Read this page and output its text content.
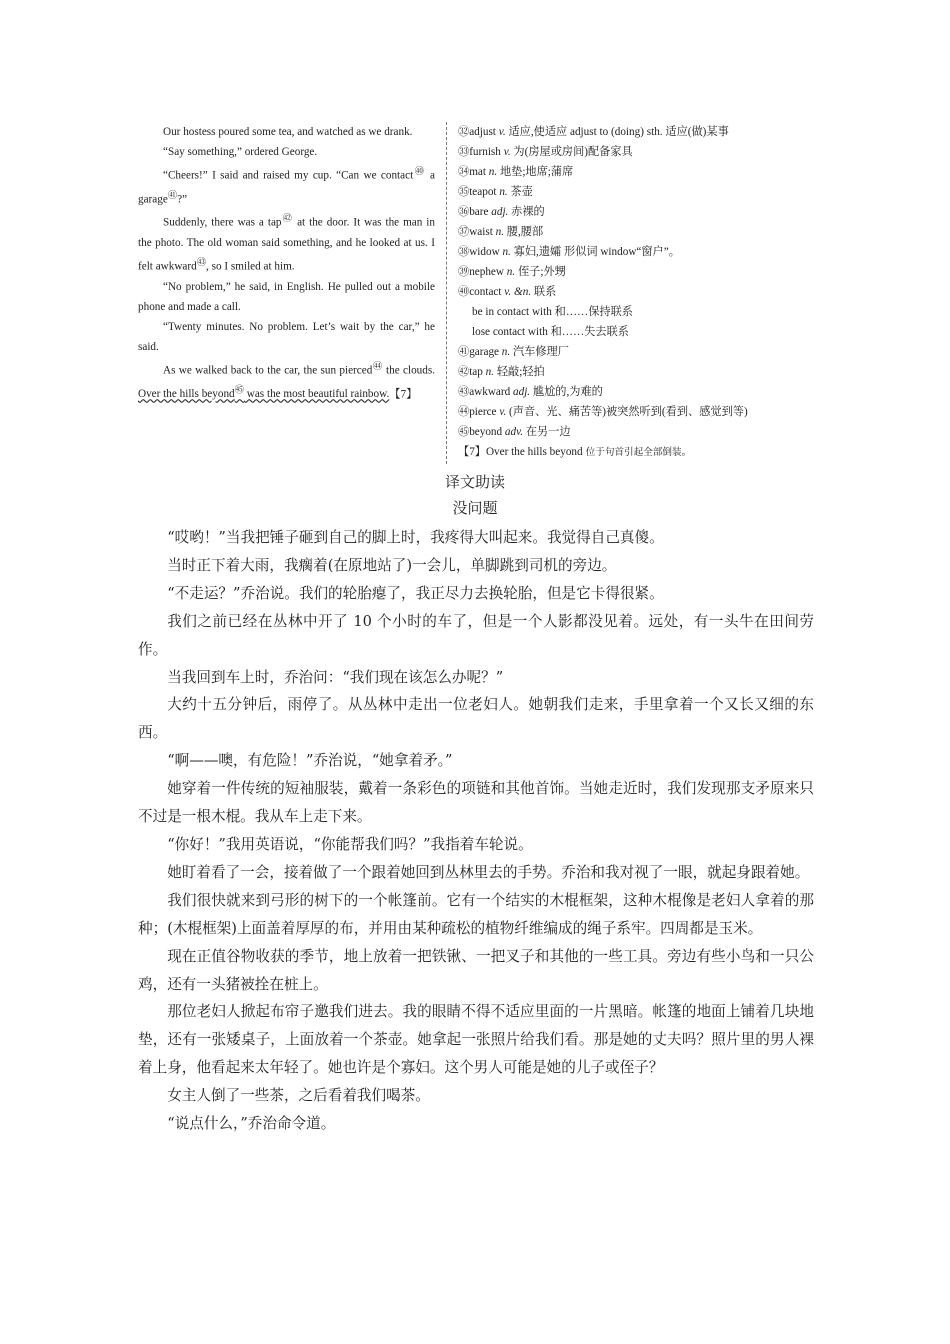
Our hostess poured some tea, and watched as we drank.

“Say something,” ordered George.

“Cheers!” I said and raised my cup. “Can we contact$^㊵$ a garage$^㊶$?”

Suddenly, there was a tap$^㊷$ at the door. It was the man in the photo. The old woman said something, and he looked at us. I felt awkward$^㊸$, so I smiled at him.

“No problem,” he said, in English. He pulled out a mobile phone and made a call.

“Twenty minutes. No problem. Let’s wait by the car,” he said.

As we walked back to the car, the sun pierced$^㊹$ the clouds. Over the hills beyond$^㊺$ was the most beautiful rainbow.【7】

㉜adjust v. 适应,使适应 adjust to (doing) sth. 适应(做)某事

㉝furnish v. 为(房屋或房间)配备家具

㉞mat n. 地垫;地席;蒲席

㉟teapot n. 茶壶

㊱bare adj. 赤裸的

㊲waist n. 腰,腰部

㊳widow n. 寡妇,遗孀 形似词 window“窗户”。

㊴nephew n. 侄子;外甥

㊵contact v. &n. 联系

be in contact with 和……保持联系

lose contact with 和……失去联系

㊶garage n. 汽车修理厂

㊷tap n. 轻敲;轻拍

㊸awkward adj. 尴尬的,为难的

㊹pierce v. (声音、光、痛苦等)被突然听到(看到、感觉到等)

㊺beyond adv. 在另一边

【7】Over the hills beyond 位于句首引起全部倒装。

译文助读

没问题

“哎哟！”当我把锤子砸到自己的脚上时，我疼得大叫起来。我觉得自己真傻。

当时正下着大雨，我瘸着(在原地站了)一会儿，单脚跳到司机的旁边。

“不走运？”乔治说。我们的轮胎瘪了，我正尽力去换轮胎，但是它卡得很紧。

我们之前已经在丛林中开了 10 个小时的车了，但是一个人影都没见着。远处，有一头牛在田间劳作。

当我回到车上时，乔治问：“我们现在该怎么办呢？”

大约十五分钟后，雨停了。从丛林中走出一位老妇人。她朝我们走来，手里拿着一个又长又细的东西。

“啊——噢，有危险！”乔治说，“她拿着矛。”

她穿着一件传统的短袖服装，戴着一条彩色的项链和其他首饰。当她走近时，我们发现那支矛原来只不过是一根木棍。我从车上走下来。

“你好！”我用英语说，“你能帮我们吗？”我指着车轮说。

她盯着看了一会，接着做了一个跟着她回到丛林里去的手势。乔治和我对视了一眼，就起身跟着她。

我们很快就来到弓形的树下的一个帐篷前。它有一个结实的木棍框架，这种木棍像是老妇人拿着的那种；(木棍框架)上面盖着厚厚的布，并用由某种疏松的植物纤维编成的绳子系牢。四周都是玉米。

现在正值谷物收获的季节，地上放着一把铁锹、一把叉子和其他的一些工具。旁边有些小鸟和一只公鸡，还有一头猪被拴在桩上。

那位老妇人掀起布帘子邀我们进去。我的眼睛不得不适应里面的一片黑暗。帐篷的地面上铺着几块地垫，还有一张矮桌子，上面放着一个茶壶。她拿起一张照片给我们看。那是她的丈夫吗？照片里的男人裸着上身，他看起来太年轻了。她也许是个寡妇。这个男人可能是她的儿子或侄子？

女主人倒了一些茶，之后看着我们喝茶。

“说点什么，”乔治命令道。
